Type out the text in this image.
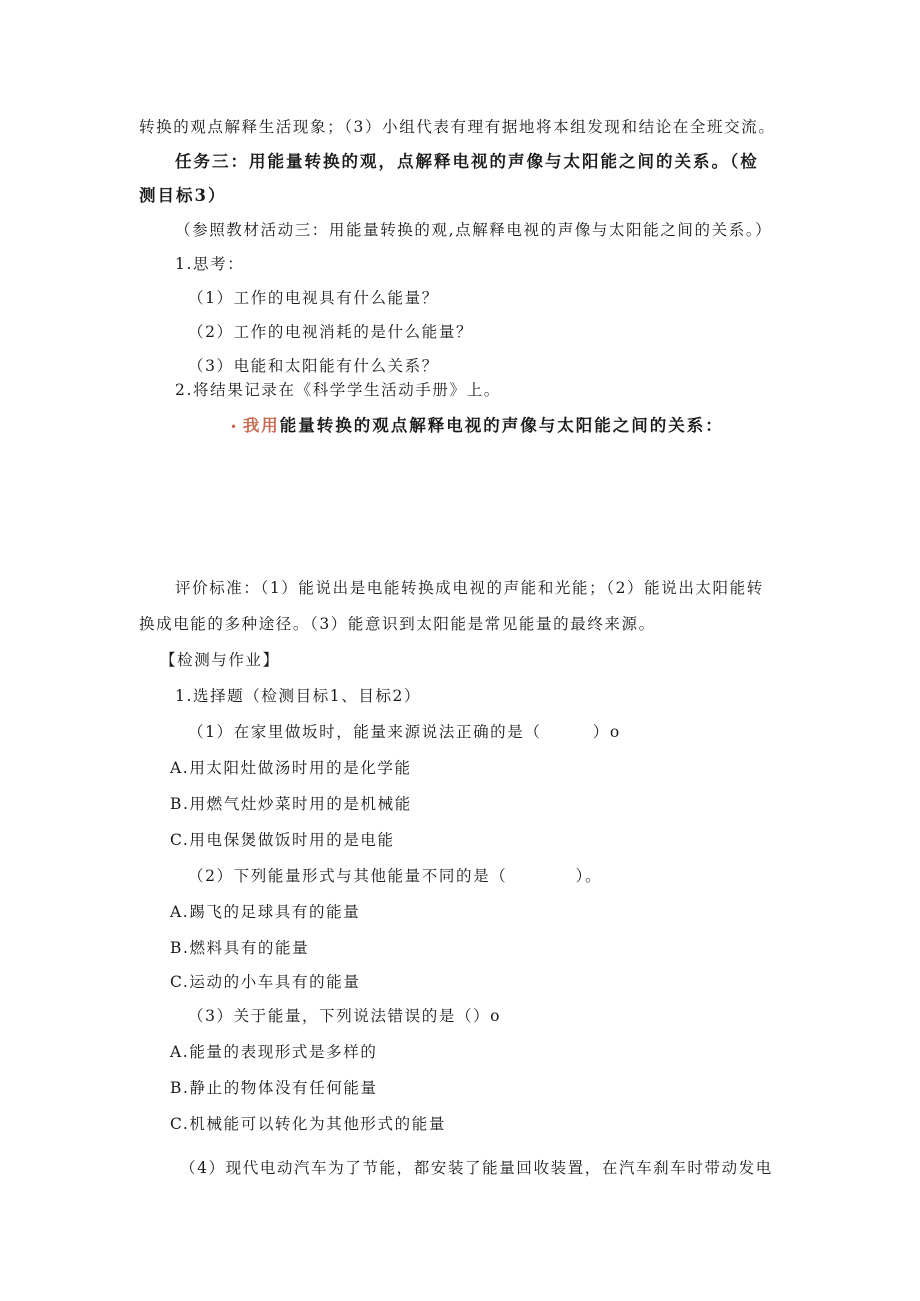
转换的观点解释生活现象；（3）小组代表有理有据地将本组发现和结论在全班交流。
任务三：用能量转换的观，点解释电视的声像与太阳能之间的关系。（检
测目标3）
（参照教材活动三：用能量转换的观,点解释电视的声像与太阳能之间的关系。）
1.思考：
（1）工作的电视具有什么能量？
（2）工作的电视消耗的是什么能量？
（3）电能和太阳能有什么关系？
2.将结果记录在《科学学生活动手册》上。
• 我用能量转换的观点解释电视的声像与太阳能之间的关系：
评价标准：（1）能说出是电能转换成电视的声能和光能；（2）能说出太阳能转
换成电能的多种途径。（3）能意识到太阳能是常见能量的最终来源。
【检测与作业】
1.选择题（检测目标1、目标2）
（1）在家里做坂时，能量来源说法正确的是（　　　）o
A.用太阳灶做汤时用的是化学能
B.用燃气灶炒菜时用的是机械能
C.用电保煲做饭时用的是电能
（2）下列能量形式与其他能量不同的是（　　　　）。
A.踢飞的足球具有的能量
B.燃料具有的能量
C.运动的小车具有的能量
（3）关于能量，下列说法错误的是（）o
A.能量的表现形式是多样的
B.静止的物体没有任何能量
C.机械能可以转化为其他形式的能量
（4）现代电动汽车为了节能，都安装了能量回收装置，在汽车刹车时带动发电
